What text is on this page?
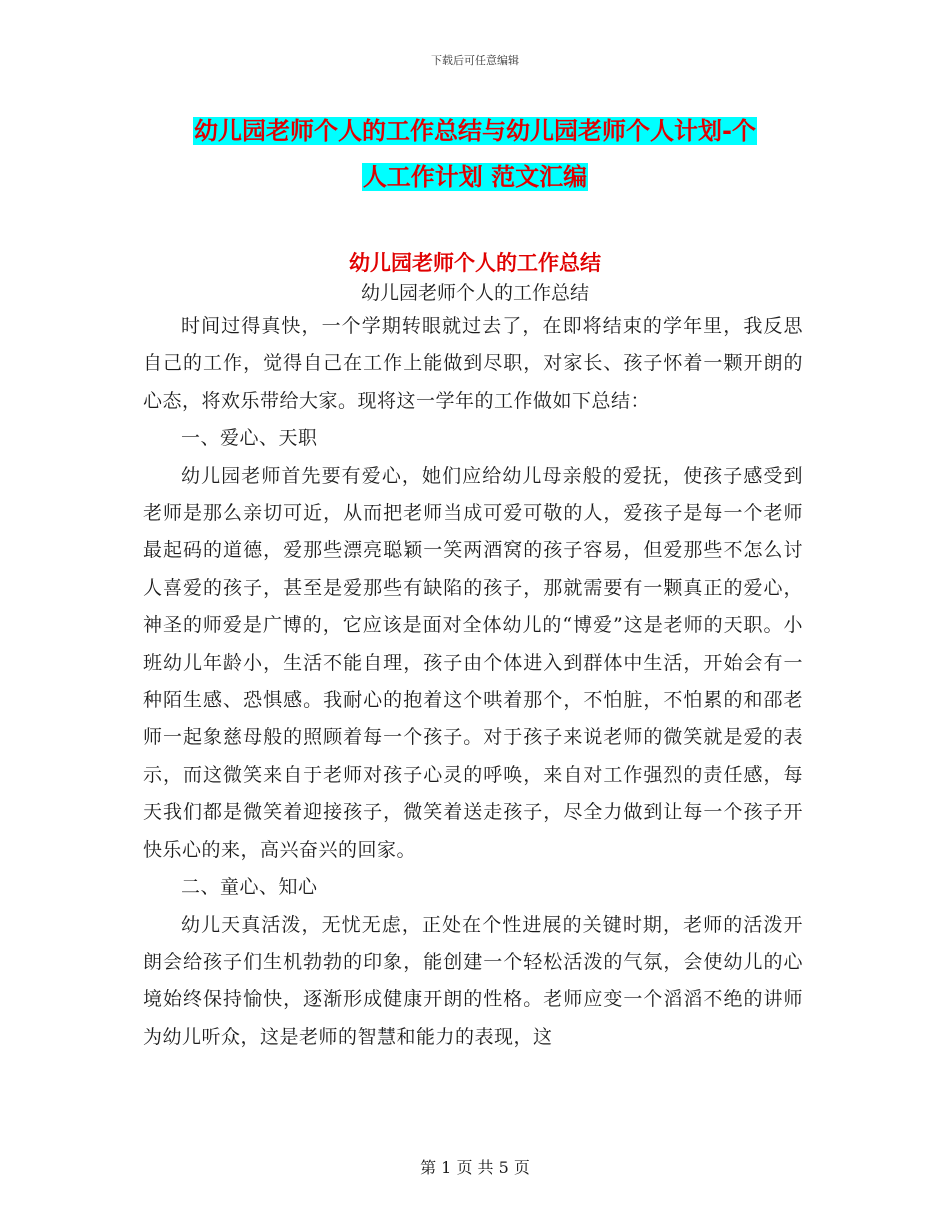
下载后可任意编辑
幼儿园老师个人的工作总结与幼儿园老师个人计划-个
人工作计划 范文汇编
幼儿园老师个人的工作总结
幼儿园老师个人的工作总结

时间过得真快，一个学期转眼就过去了，在即将结束的学年里，我反思自己的工作，觉得自己在工作上能做到尽职，对家长、孩子怀着一颗开朗的心态，将欢乐带给大家。现将这一学年的工作做如下总结：

一、爱心、天职

幼儿园老师首先要有爱心，她们应给幼儿母亲般的爱抚，使孩子感受到老师是那么亲切可近，从而把老师当成可爱可敬的人，爱孩子是每一个老师最起码的道德，爱那些漂亮聪颖一笑两酒窝的孩子容易，但爱那些不怎么讨人喜爱的孩子，甚至是爱那些有缺陷的孩子，那就需要有一颗真正的爱心，神圣的师爱是广博的，它应该是面对全体幼儿的“博爱”这是老师的天职。小班幼儿年龄小，生活不能自理，孩子由个体进入到群体中生活，开始会有一种陌生感、恐惧感。我耐心的抱着这个哄着那个，不怕脏，不怕累的和邵老师一起象慈母般的照顾着每一个孩子。对于孩子来说老师的微笑就是爱的表示，而这微笑来自于老师对孩子心灵的呼唤，来自对工作强烈的责任感，每天我们都是微笑着迎接孩子，微笑着送走孩子，尽全力做到让每一个孩子开快乐心的来，高兴奋兴的回家。

二、童心、知心

幼儿天真活泼，无忧无虑，正处在个性进展的关键时期，老师的活泼开朗会给孩子们生机勃勃的印象，能创建一个轻松活泼的气氛，会使幼儿的心境始终保持愉快，逐渐形成健康开朗的性格。老师应变一个滔滔不绝的讲师为幼儿听众，这是老师的智慧和能力的表现，这

第 1 页 共 5 页
